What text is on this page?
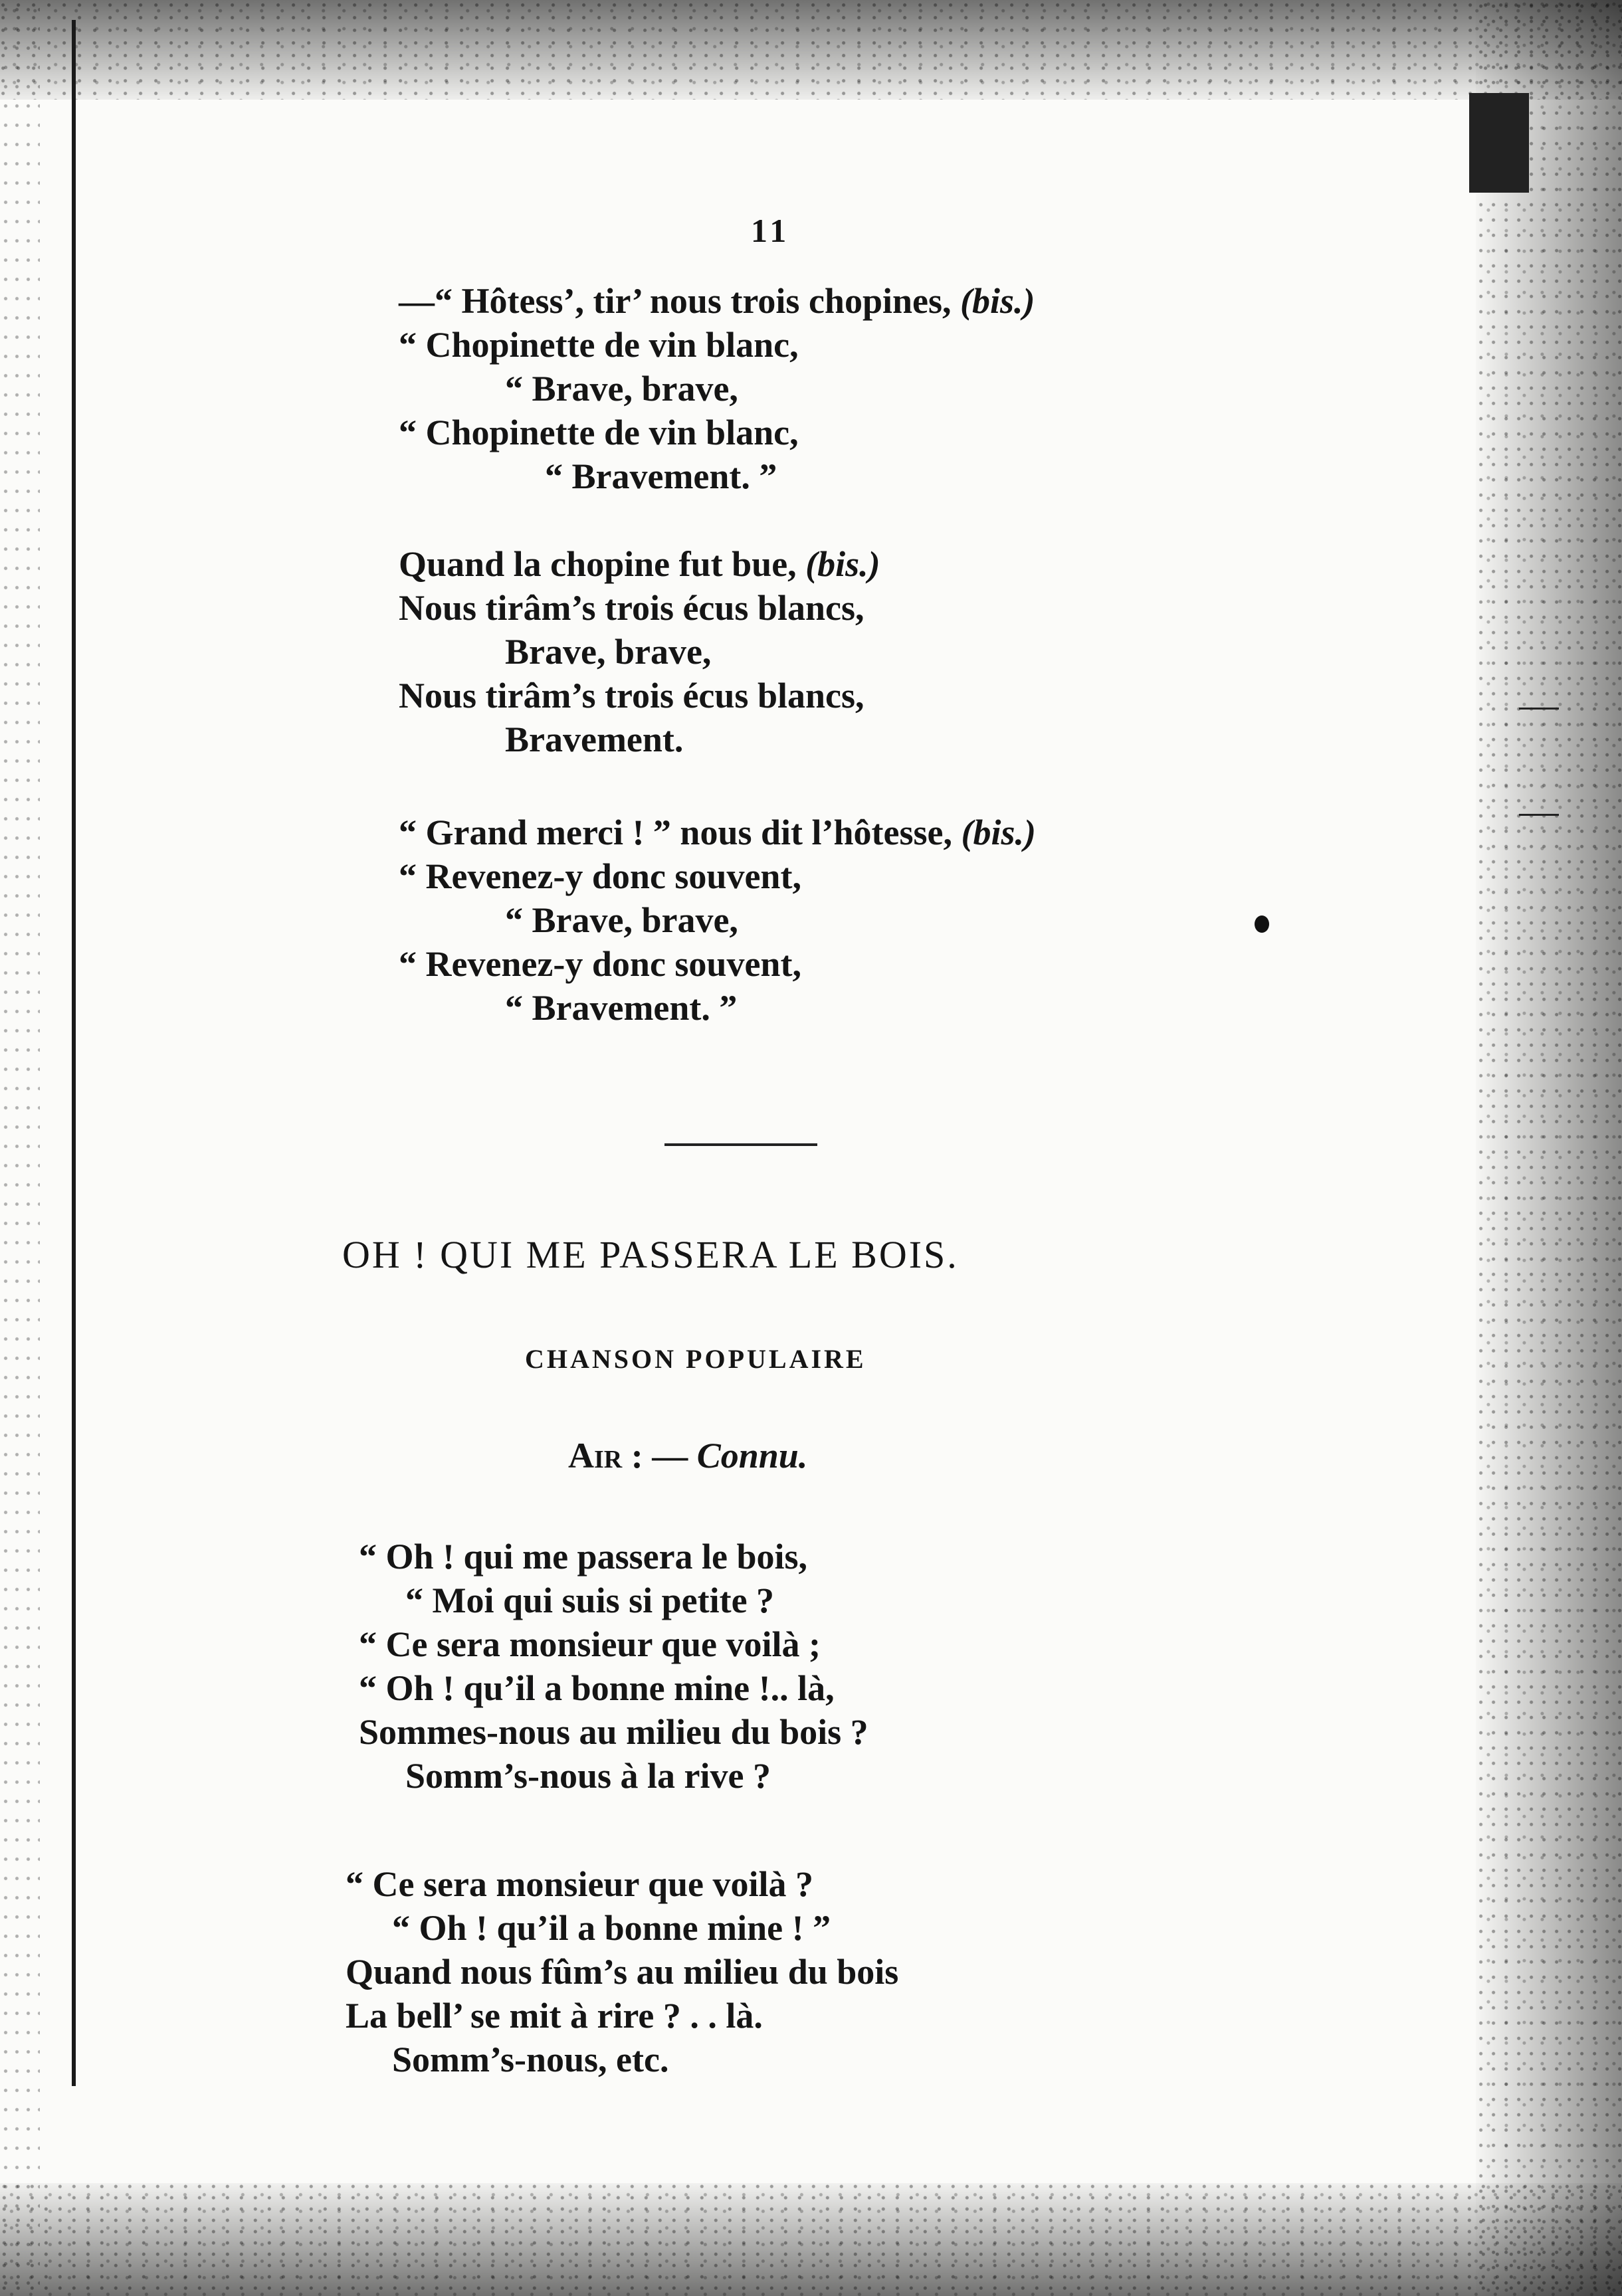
11
—“ Hôtess’, tir’ nous trois chopines, (bis.)
“ Chopinette de vin blanc,
“ Brave, brave,
“ Chopinette de vin blanc,
“ Bravement. ”
Quand la chopine fut bue, (bis.)
Nous tirâm’s trois écus blancs,
Brave, brave,
Nous tirâm’s trois écus blancs,
Bravement.
“ Grand merci ! ” nous dit l’hôtesse, (bis.)
“ Revenez-y donc souvent,
“ Brave, brave,
“ Revenez-y donc souvent,
“ Bravement. ”
OH ! QUI ME PASSERA LE BOIS.
CHANSON POPULAIRE
Air : — Connu.
“ Oh ! qui me passera le bois,
“ Moi qui suis si petite ?
“ Ce sera monsieur que voilà ;
“ Oh ! qu’il a bonne mine !.. là,
Sommes-nous au milieu du bois ?
Somm’s-nous à la rive ?
“ Ce sera monsieur que voilà ?
“ Oh ! qu’il a bonne mine ! ”
Quand nous fûm’s au milieu du bois
La bell’ se mit à rire ? . . là.
Somm’s-nous, etc.
